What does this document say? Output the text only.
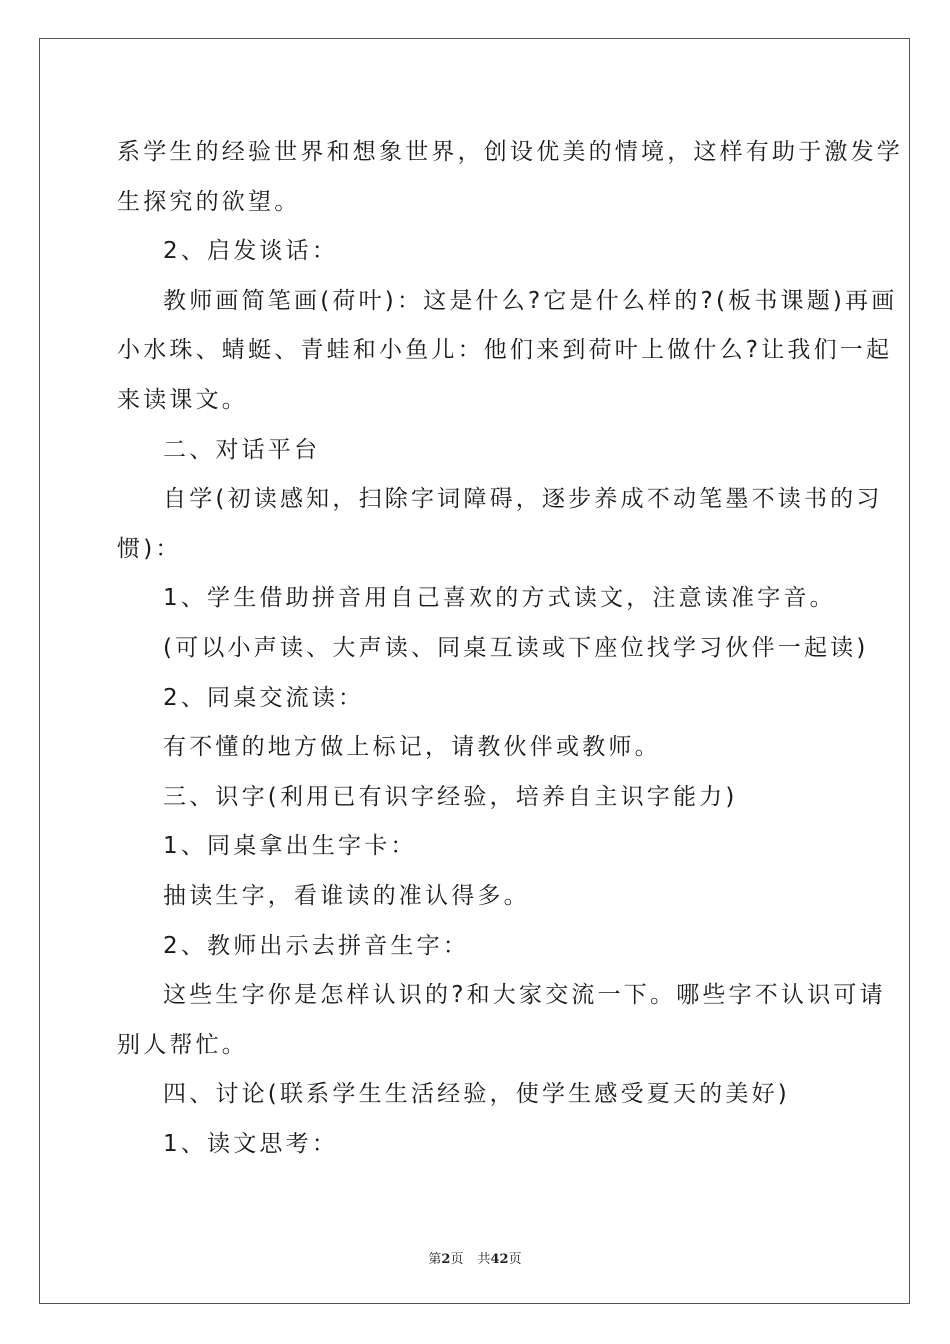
系学生的经验世界和想象世界，创设优美的情境，这样有助于激发学
生探究的欲望。
2、启发谈话：
教师画简笔画(荷叶)：这是什么?它是什么样的?(板书课题)再画
小水珠、蜻蜓、青蛙和小鱼儿：他们来到荷叶上做什么?让我们一起
来读课文。
二、对话平台
自学(初读感知，扫除字词障碍，逐步养成不动笔墨不读书的习
惯)：
1、学生借助拼音用自己喜欢的方式读文，注意读准字音。
(可以小声读、大声读、同桌互读或下座位找学习伙伴一起读)
2、同桌交流读：
有不懂的地方做上标记，请教伙伴或教师。
三、识字(利用已有识字经验，培养自主识字能力)
1、同桌拿出生字卡：
抽读生字，看谁读的准认得多。
2、教师出示去拼音生字：
这些生字你是怎样认识的?和大家交流一下。哪些字不认识可请
别人帮忙。
四、讨论(联系学生生活经验，使学生感受夏天的美好)
1、读文思考：
第2页 共42页
